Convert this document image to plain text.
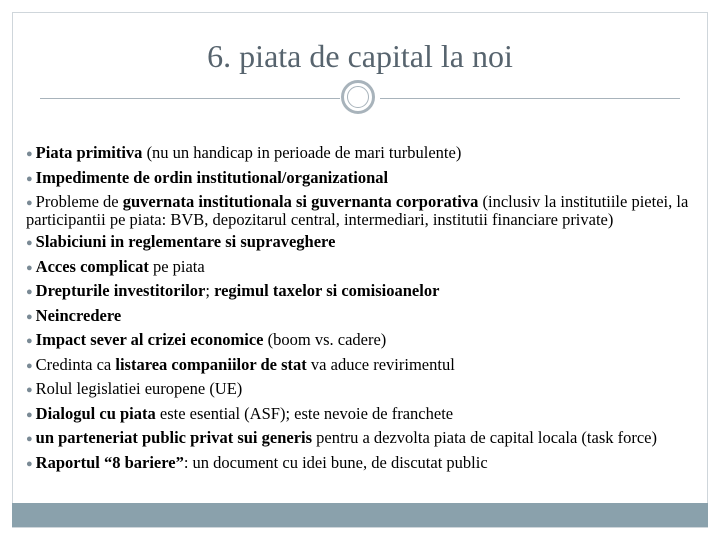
6. piata de capital la noi
● Piata primitiva (nu un handicap in perioade de mari turbulente)
● Impedimente de ordin institutional/organizational
● Probleme de guvernata institutionala si guvernanta corporativa (inclusiv la institutiile pietei, la participantii pe piata: BVB, depozitarul central, intermediari, institutii financiare private)
● Slabiciuni in reglementare si supraveghere
● Acces complicat pe piata
● Drepturile investitorilor; regimul taxelor si comisioanelor
● Neincredere
● Impact sever al crizei economice (boom vs. cadere)
● Credinta ca listarea companiilor de stat va aduce revirimentul
● Rolul legislatiei europene (UE)
● Dialogul cu piata este esential (ASF); este nevoie de franchete
● un parteneriat public privat sui generis pentru a dezvolta piata de capital locala (task force)
● Raportul “8 bariere”: un document cu idei bune, de discutat public
